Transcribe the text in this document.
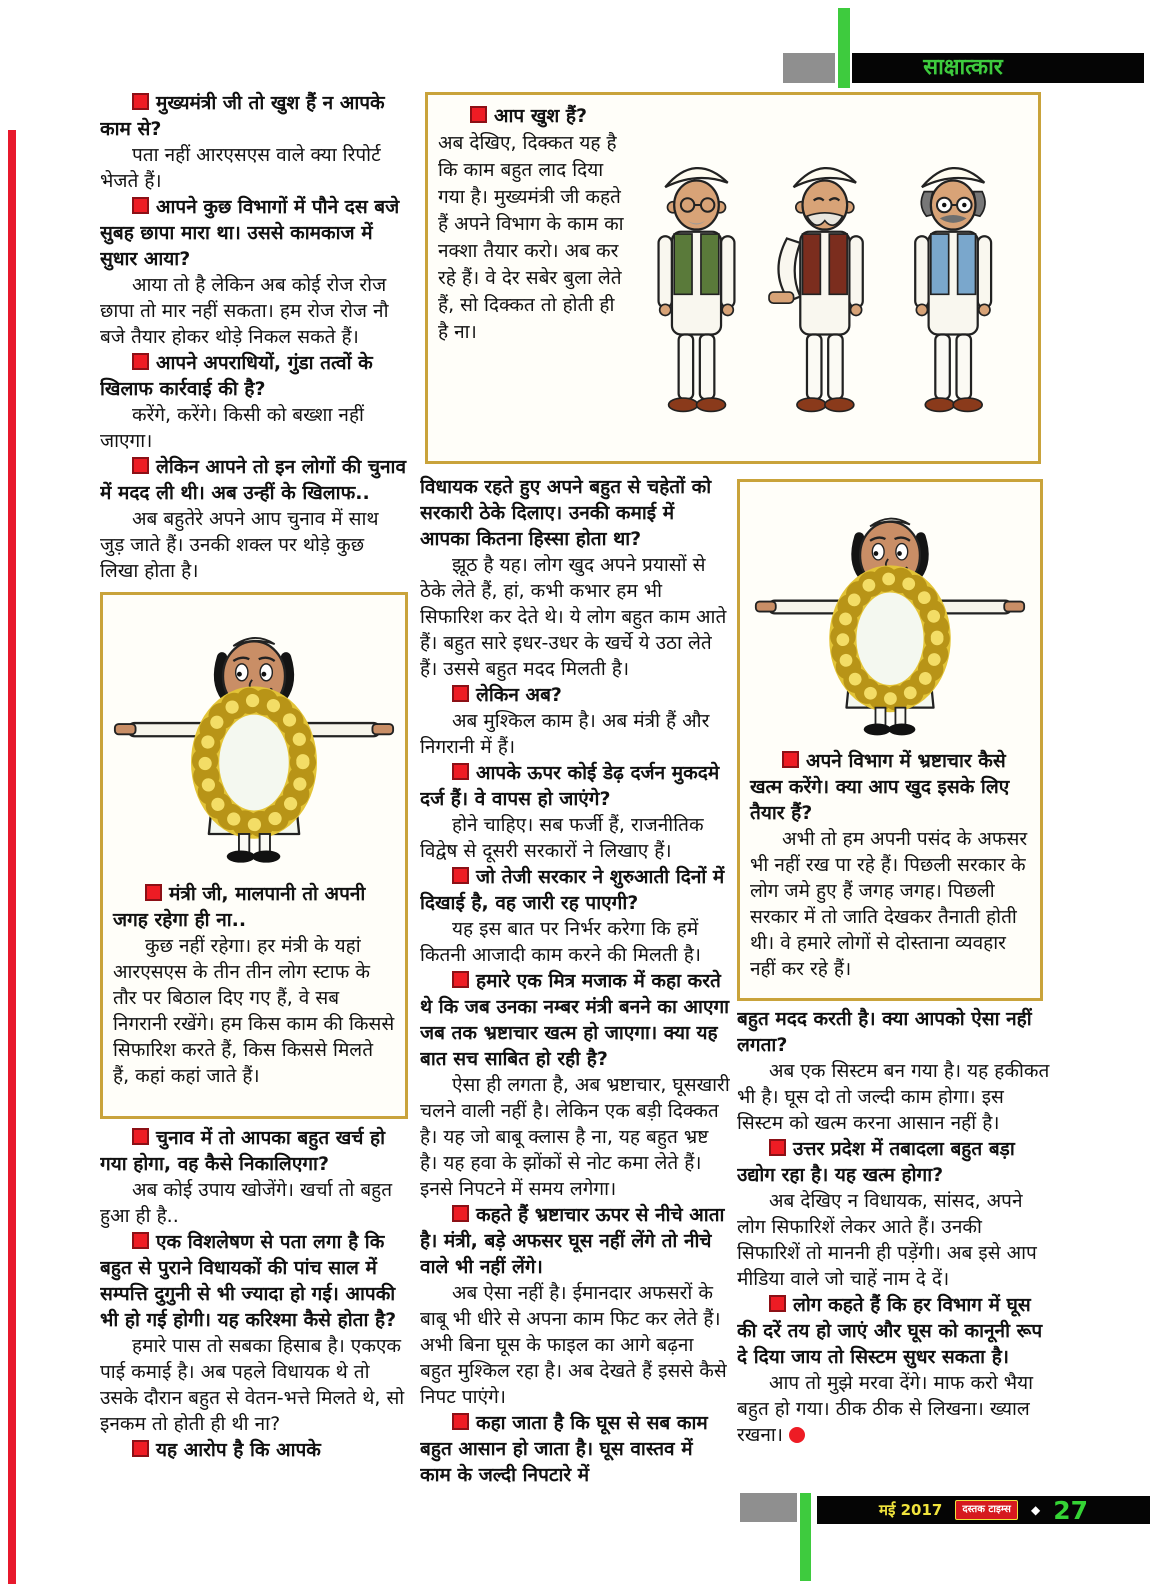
साक्षात्कार

मुख्यमंत्री जी तो खुश हैं न आपके काम से?

पता नहीं आरएसएस वाले क्या रिपोर्ट भेजते हैं।

आपने कुछ विभागों में पौने दस बजे सुबह छापा मारा था। उससे कामकाज में सुधार आया?

आया तो है लेकिन अब कोई रोज रोज छापा तो मार नहीं सकता। हम रोज रोज नौ बजे तैयार होकर थोड़े निकल सकते हैं।

आपने अपराधियों, गुंडा तत्वों के खिलाफ कार्रवाई की है?

करेंगे, करेंगे। किसी को बख्शा नहीं जाएगा।

लेकिन आपने तो इन लोगों की चुनाव में मदद ली थी। अब उन्हीं के खिलाफ..

अब बहुतेरे अपने आप चुनाव में साथ जुड़ जाते हैं। उनकी शक्ल पर थोड़े कुछ लिखा होता है।

मंत्री जी, मालपानी तो अपनी जगह रहेगा ही ना..

कुछ नहीं रहेगा। हर मंत्री के यहां आरएसएस के तीन तीन लोग स्टाफ के तौर पर बिठाल दिए गए हैं, वे सब निगरानी रखेंगे। हम किस काम की किससे सिफारिश करते हैं, किस किससे मिलते हैं, कहां कहां जाते हैं।

चुनाव में तो आपका बहुत खर्च हो गया होगा, वह कैसे निकालिएगा?

अब कोई उपाय खोजेंगे। खर्चा तो बहुत हुआ ही है..

एक विशलेषण से पता लगा है कि बहुत से पुराने विधायकों की पांच साल में सम्पत्ति दुगुनी से भी ज्यादा हो गई। आपकी भी हो गई होगी। यह करिश्मा कैसे होता है?

हमारे पास तो सबका हिसाब है। एकएक पाई कमाई है। अब पहले विधायक थे तो उसके दौरान बहुत से वेतन-भत्ते मिलते थे, सो इनकम तो होती ही थी ना?

यह आरोप है कि आपके

आप खुश हैं?

अब देखिए, दिक्कत यह है कि काम बहुत लाद दिया गया है। मुख्यमंत्री जी कहते हैं अपने विभाग के काम का नक्शा तैयार करो। अब कर रहे हैं। वे देर सबेर बुला लेते हैं, सो दिक्कत तो होती ही है ना।

विधायक रहते हुए अपने बहुत से चहेतों को सरकारी ठेके दिलाए। उनकी कमाई में आपका कितना हिस्सा होता था?

झूठ है यह। लोग खुद अपने प्रयासों से ठेके लेते हैं, हां, कभी कभार हम भी सिफारिश कर देते थे। ये लोग बहुत काम आते हैं। बहुत सारे इधर-उधर के खर्चे ये उठा लेते हैं। उससे बहुत मदद मिलती है।

लेकिन अब?

अब मुश्किल काम है। अब मंत्री हैं और निगरानी में हैं।

आपके ऊपर कोई डेढ़ दर्जन मुकदमे दर्ज हैं। वे वापस हो जाएंगे?

होने चाहिए। सब फर्जी हैं, राजनीतिक विद्वेष से दूसरी सरकारों ने लिखाए हैं।

जो तेजी सरकार ने शुरुआती दिनों में दिखाई है, वह जारी रह पाएगी?

यह इस बात पर निर्भर करेगा कि हमें कितनी आजादी काम करने की मिलती है।

हमारे एक मित्र मजाक में कहा करते थे कि जब उनका नम्बर मंत्री बनने का आएगा जब तक भ्रष्टाचार खत्म हो जाएगा। क्या यह बात सच साबित हो रही है?

ऐसा ही लगता है, अब भ्रष्टाचार, घूसखारी चलने वाली नहीं है। लेकिन एक बड़ी दिक्कत है। यह जो बाबू क्लास है ना, यह बहुत भ्रष्ट है। यह हवा के झोंकों से नोट कमा लेते हैं। इनसे निपटने में समय लगेगा।

कहते हैं भ्रष्टाचार ऊपर से नीचे आता है। मंत्री, बड़े अफसर घूस नहीं लेंगे तो नीचे वाले भी नहीं लेंगे।

अब ऐसा नहीं है। ईमानदार अफसरों के बाबू भी धीरे से अपना काम फिट कर लेते हैं। अभी बिना घूस के फाइल का आगे बढ़ना बहुत मुश्किल रहा है। अब देखते हैं इससे कैसे निपट पाएंगे।

कहा जाता है कि घूस से सब काम बहुत आसान हो जाता है। घूस वास्तव में काम के जल्दी निपटारे में

अपने विभाग में भ्रष्टाचार कैसे खत्म करेंगे। क्या आप खुद इसके लिए तैयार हैं?

अभी तो हम अपनी पसंद के अफसर भी नहीं रख पा रहे हैं। पिछली सरकार के लोग जमे हुए हैं जगह जगह। पिछली सरकार में तो जाति देखकर तैनाती होती थी। वे हमारे लोगों से दोस्ताना व्यवहार नहीं कर रहे हैं।

बहुत मदद करती है। क्या आपको ऐसा नहीं लगता?

अब एक सिस्टम बन गया है। यह हकीकत भी है। घूस दो तो जल्दी काम होगा। इस सिस्टम को खत्म करना आसान नहीं है।

उत्तर प्रदेश में तबादला बहुत बड़ा उद्योग रहा है। यह खत्म होगा?

अब देखिए न विधायक, सांसद, अपने लोग सिफारिशें लेकर आते हैं। उनकी सिफारिशें तो माननी ही पड़ेंगी। अब इसे आप मीडिया वाले जो चाहें नाम दे दें।

लोग कहते हैं कि हर विभाग में घूस की दरें तय हो जाएं और घूस को कानूनी रूप दे दिया जाय तो सिस्टम सुधर सकता है।

आप तो मुझे मरवा देंगे। माफ करो भैया बहुत हो गया। ठीक ठीक से लिखना। ख्याल रखना।

मई 2017	दस्तक टाइम्स	◆ 27
